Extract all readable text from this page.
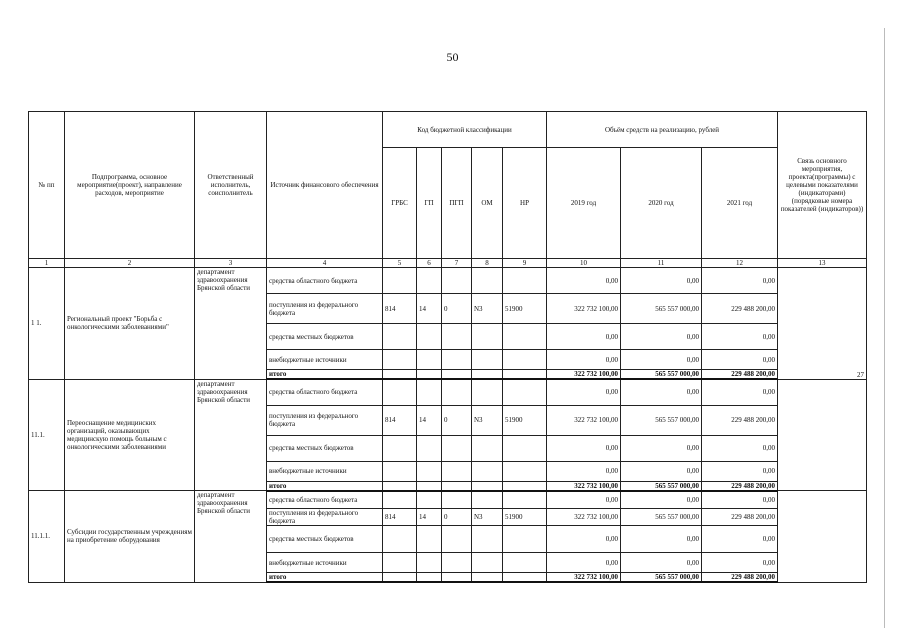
50
№ пп	Подпрограмма, основное мероприятие(проект), направление расходов, мероприятие	Ответственный исполнитель, соисполнитель	Источник финансового обеспечения	Код бюджетной классификации					Объём средств на реализацию, рублей			Связь основного мероприятия, проекта(программы) с целевыми показателями (индикаторами) (порядковые номера показателей (индикаторов))
				ГРБС	ГП	ПГП	ОМ	НР	2019 год	2020 год	2021 год	
1	2	3	4	5	6	7	8	9	10	11	12	13
1 1.	Региональный проект "Борьба с онкологическими заболеваниями"	департамент здравоохранения Брянской области	средства областного бюджета						0,00	0,00	0,00	27
			поступления из федерального бюджета	814	14	0	N3	51900	322 732 100,00	565 557 000,00	229 488 200,00	
			средства местных бюджетов						0,00	0,00	0,00	
			внебюджетные источники						0,00	0,00	0,00	
			итого						322 732 100,00	565 557 000,00	229 488 200,00	
11.1.	Переоснащение медицинских организаций, оказывающих медицинскую помощь больным с онкологическими заболеваниями	департамент здравоохранения Брянской области	средства областного бюджета						0,00	0,00	0,00	
			поступления из федерального бюджета	814	14	0	N3	51900	322 732 100,00	565 557 000,00	229 488 200,00	
			средства местных бюджетов						0,00	0,00	0,00	
			внебюджетные источники						0,00	0,00	0,00	
			итого						322 732 100,00	565 557 000,00	229 488 200,00	
11.1.1.	Субсидии государственным учреждениям на приобретение оборудования	департамент здравоохранения Брянской области	средства областного бюджета						0,00	0,00	0,00	
			поступления из федерального бюджета	814	14	0	N3	51900	322 732 100,00	565 557 000,00	229 488 200,00	
			средства местных бюджетов						0,00	0,00	0,00	
			внебюджетные источники						0,00	0,00	0,00	
			итого						322 732 100,00	565 557 000,00	229 488 200,00	
